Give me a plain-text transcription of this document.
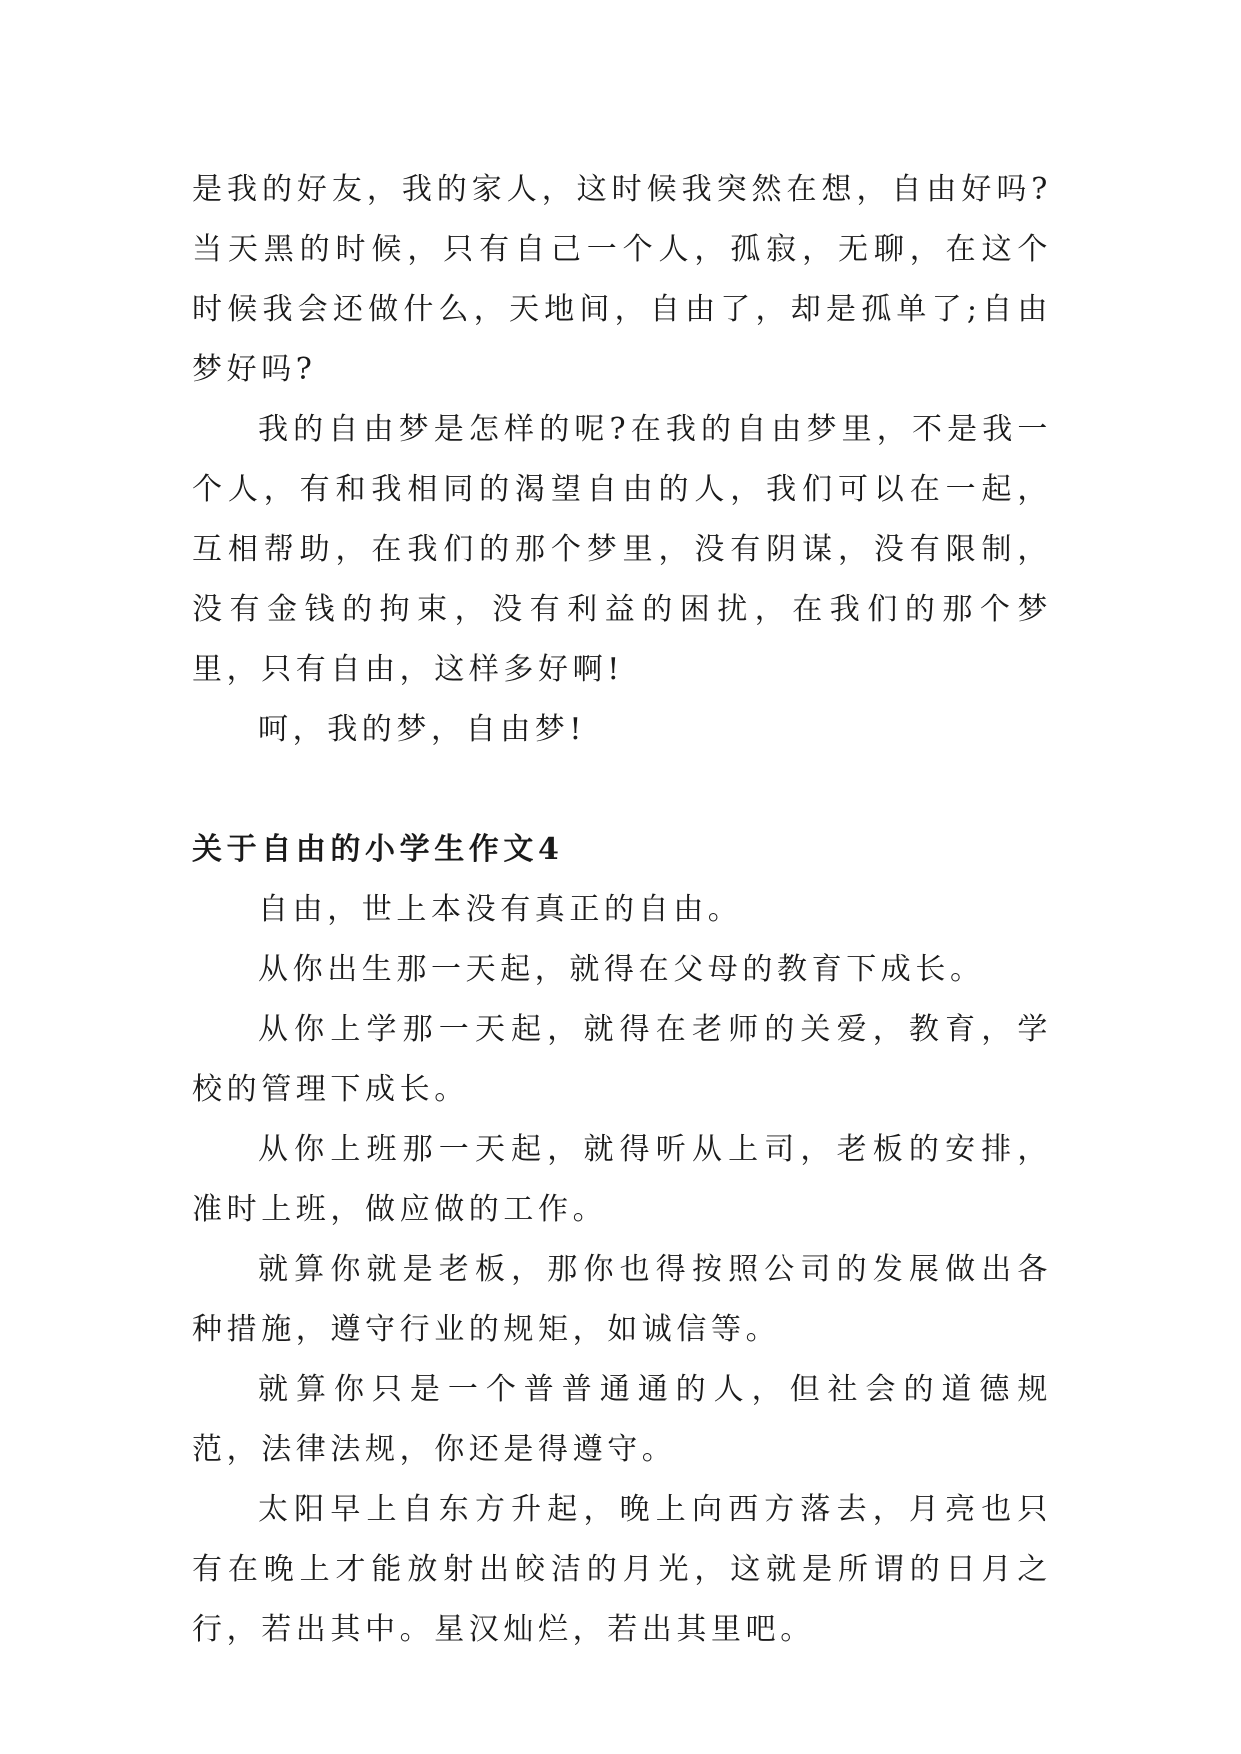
是我的好友，我的家人，这时候我突然在想，自由好吗?当天黑的时候，只有自己一个人，孤寂，无聊，在这个时候我会还做什么，天地间，自由了，却是孤单了;自由梦好吗?

我的自由梦是怎样的呢?在我的自由梦里，不是我一个人，有和我相同的渴望自由的人，我们可以在一起，互相帮助，在我们的那个梦里，没有阴谋，没有限制，没有金钱的拘束，没有利益的困扰，在我们的那个梦里，只有自由，这样多好啊!

呵，我的梦，自由梦!

关于自由的小学生作文4

自由，世上本没有真正的自由。

从你出生那一天起，就得在父母的教育下成长。

从你上学那一天起，就得在老师的关爱，教育，学校的管理下成长。

从你上班那一天起，就得听从上司，老板的安排，准时上班，做应做的工作。

就算你就是老板，那你也得按照公司的发展做出各种措施，遵守行业的规矩，如诚信等。

就算你只是一个普普通通的人，但社会的道德规范，法律法规，你还是得遵守。

太阳早上自东方升起，晚上向西方落去，月亮也只有在晚上才能放射出皎洁的月光，这就是所谓的日月之行，若出其中。星汉灿烂，若出其里吧。
